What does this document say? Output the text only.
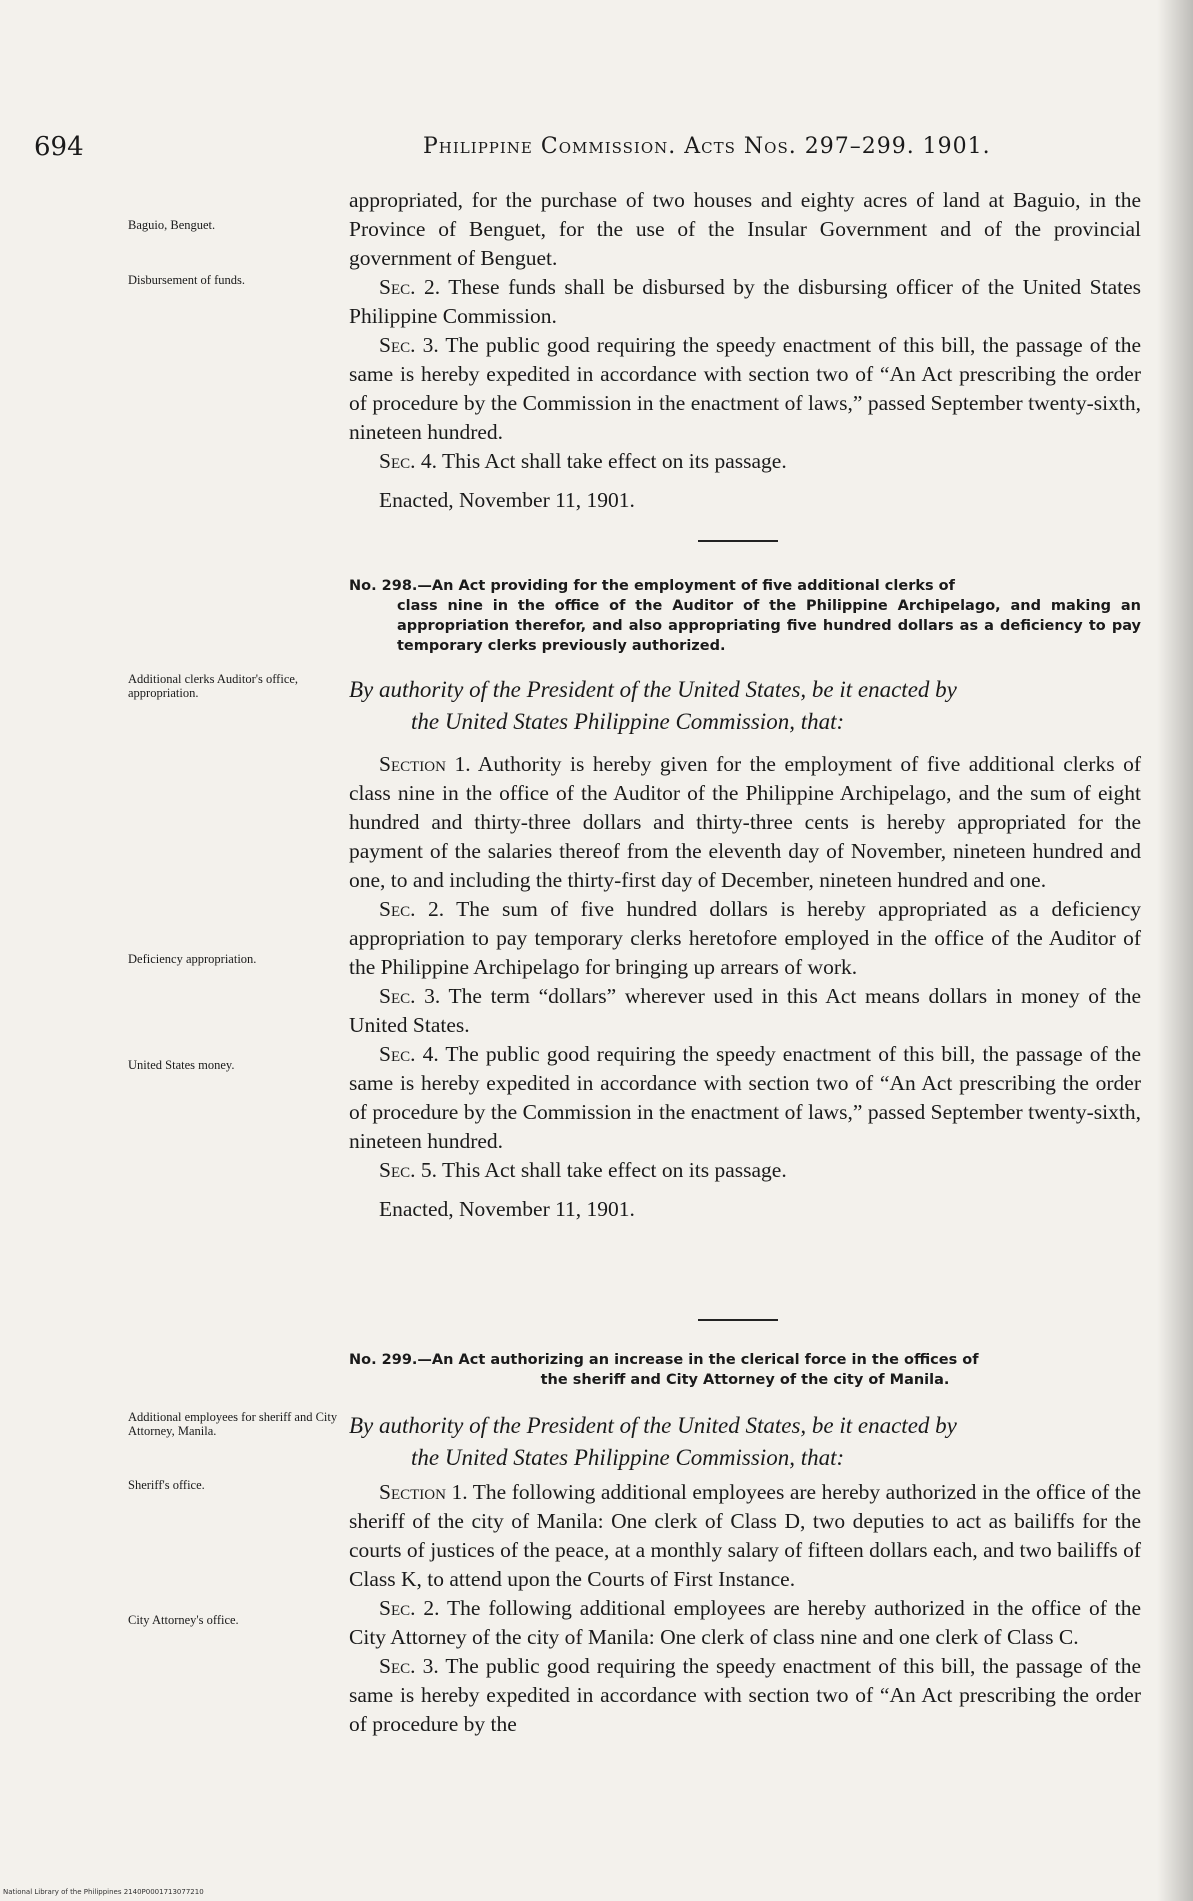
694	Philippine Commission. Acts Nos. 297–299. 1901.
Baguio, Benguet.
Disbursement of funds.

appropriated, for the purchase of two houses and eighty acres of land at Baguio, in the Province of Benguet, for the use of the Insular Government and of the provincial government of Benguet.

Sec. 2. These funds shall be disbursed by the disbursing officer of the United States Philippine Commission.

Sec. 3. The public good requiring the speedy enactment of this bill, the passage of the same is hereby expedited in accordance with section two of “An Act prescribing the order of procedure by the Commission in the enactment of laws,” passed September twenty-sixth, nineteen hundred.

Sec. 4. This Act shall take effect on its passage.

Enacted, November 11, 1901.

No. 298.—An Act providing for the employment of five additional clerks of
class nine in the office of the Auditor of the Philippine Archipelago, and making an appropriation therefor, and also appropriating five hundred dollars as a deficiency to pay temporary clerks previously authorized.
Additional clerks Auditor's office, appropriation.	By authority of the President of the United States, be it enacted by
the United States Philippine Commission, that:

Section 1. Authority is hereby given for the employment of five additional clerks of class nine in the office of the Auditor of the Philippine Archipelago, and the sum of eight hundred and thirty-three dollars and thirty-three cents is hereby appropriated for the payment of the salaries thereof from the eleventh day of November, nineteen hundred and one, to and including the thirty-first day of December, nineteen hundred and one.

Sec. 2. The sum of five hundred dollars is hereby appropriated as a deficiency appropriation to pay temporary clerks heretofore employed in the office of the Auditor of the Philippine Archipelago for bringing up arrears of work.

Sec. 3. The term “dollars” wherever used in this Act means dollars in money of the United States.

Sec. 4. The public good requiring the speedy enactment of this bill, the passage of the same is hereby expedited in accordance with section two of “An Act prescribing the order of procedure by the Commission in the enactment of laws,” passed September twenty-sixth, nineteen hundred.

Sec. 5. This Act shall take effect on its passage.

Enacted, November 11, 1901.

Deficiency appropriation.
United States money.
No. 299.—An Act authorizing an increase in the clerical force in the offices of
the sheriff and City Attorney of the city of Manila.
Additional employees for sheriff and City Attorney, Manila.	By authority of the President of the United States, be it enacted by
the United States Philippine Commission, that:
Sheriff's office.
City Attorney's office.

Section 1. The following additional employees are hereby authorized in the office of the sheriff of the city of Manila: One clerk of Class D, two deputies to act as bailiffs for the courts of justices of the peace, at a monthly salary of fifteen dollars each, and two bailiffs of Class K, to attend upon the Courts of First Instance.

Sec. 2. The following additional employees are hereby authorized in the office of the City Attorney of the city of Manila: One clerk of class nine and one clerk of Class C.

Sec. 3. The public good requiring the speedy enactment of this bill, the passage of the same is hereby expedited in accordance with section two of “An Act prescribing the order of procedure by the

National Library of the Philippines 2140P0001713077210
